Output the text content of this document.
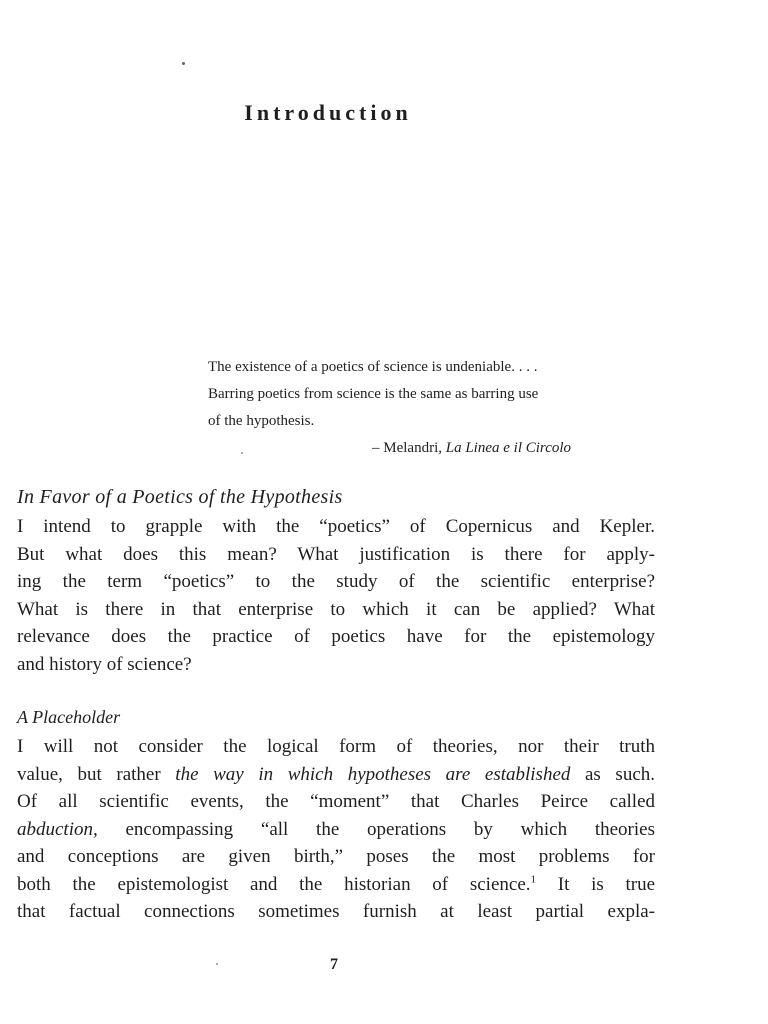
Introduction
The existence of a poetics of science is undeniable. . . .
Barring poetics from science is the same as barring use
of the hypothesis.
– Melandri, La Linea e il Circolo
In Favor of a Poetics of the Hypothesis
I intend to grapple with the “poetics” of Copernicus and Kepler.
But what does this mean? What justification is there for apply-
ing the term “poetics” to the study of the scientific enterprise?
What is there in that enterprise to which it can be applied? What
relevance does the practice of poetics have for the epistemology
and history of science?
A Placeholder
I will not consider the logical form of theories, nor their truth
value, but rather the way in which hypotheses are established as such.
Of all scientific events, the “moment” that Charles Peirce called
abduction, encompassing “all the operations by which theories
and conceptions are given birth,” poses the most problems for
both the epistemologist and the historian of science.$^1$ It is true
that factual connections sometimes furnish at least partial expla-
7
